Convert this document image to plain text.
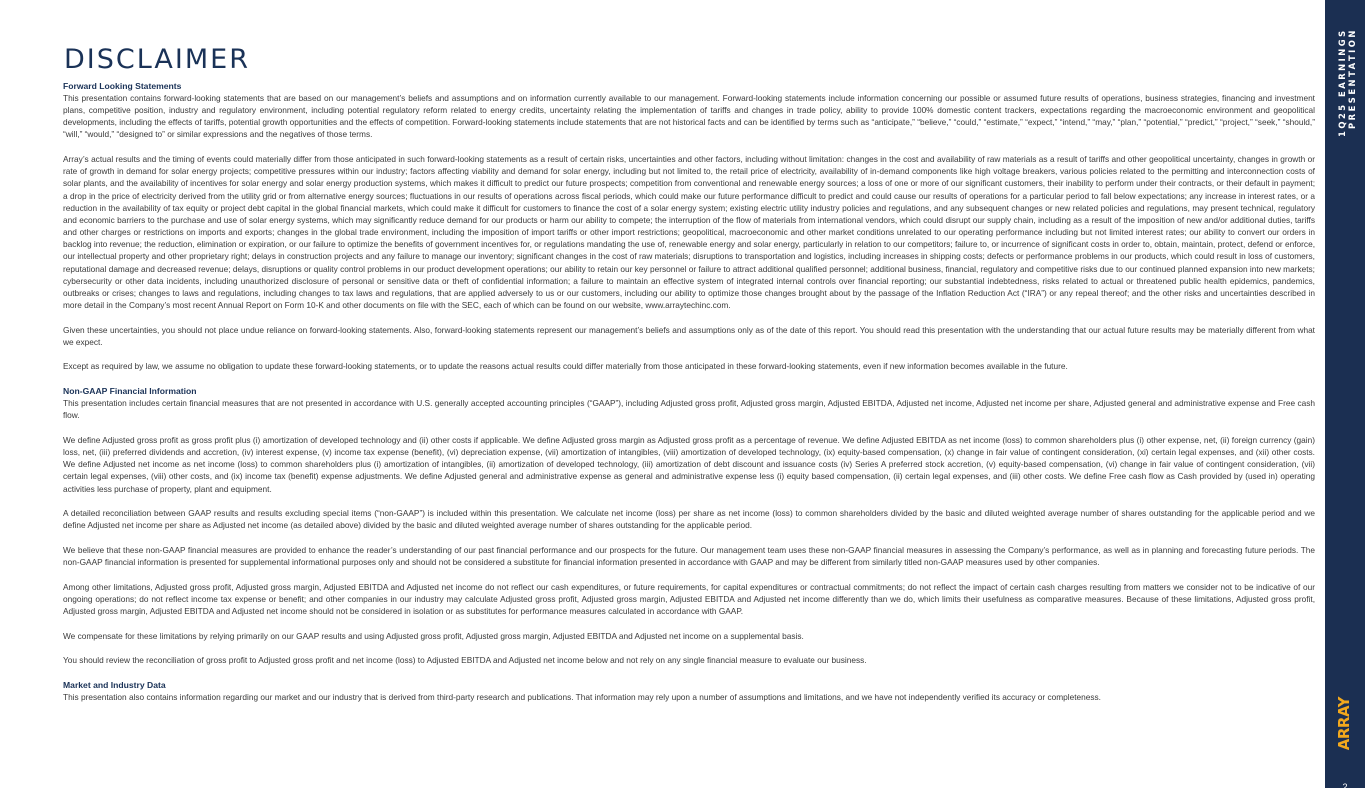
DISCLAIMER
Forward Looking Statements

This presentation contains forward-looking statements that are based on our management’s beliefs and assumptions and on information currently available to our management. Forward-looking statements include information concerning our possible or assumed future results of operations, business strategies, financing and investment plans, competitive position, industry and regulatory environment, including potential regulatory reform related to energy credits, uncertainty relating the implementation of tariffs and changes in trade policy, ability to provide 100% domestic content trackers, expectations regarding the macroeconomic environment and geopolitical developments, including the effects of tariffs, potential growth opportunities and the effects of competition. Forward-looking statements include statements that are not historical facts and can be identified by terms such as “anticipate,” “believe,” “could,” “estimate,” “expect,” “intend,” “may,” “plan,” “potential,” “predict,” “project,” “seek,” “should,” “will,” “would,” “designed to” or similar expressions and the negatives of those terms.

Array’s actual results and the timing of events could materially differ from those anticipated in such forward-looking statements as a result of certain risks, uncertainties and other factors, including without limitation: changes in the cost and availability of raw materials as a result of tariffs and other geopolitical uncertainty, changes in growth or rate of growth in demand for solar energy projects; competitive pressures within our industry; factors affecting viability and demand for solar energy, including but not limited to, the retail price of electricity, availability of in-demand components like high voltage breakers, various policies related to the permitting and interconnection costs of solar plants, and the availability of incentives for solar energy and solar energy production systems, which makes it difficult to predict our future prospects; competition from conventional and renewable energy sources; a loss of one or more of our significant customers, their inability to perform under their contracts, or their default in payment; a drop in the price of electricity derived from the utility grid or from alternative energy sources; fluctuations in our results of operations across fiscal periods, which could make our future performance difficult to predict and could cause our results of operations for a particular period to fall below expectations; any increase in interest rates, or a reduction in the availability of tax equity or project debt capital in the global financial markets, which could make it difficult for customers to finance the cost of a solar energy system; existing electric utility industry policies and regulations, and any subsequent changes or new related policies and regulations, may present technical, regulatory and economic barriers to the purchase and use of solar energy systems, which may significantly reduce demand for our products or harm our ability to compete; the interruption of the flow of materials from international vendors, which could disrupt our supply chain, including as a result of the imposition of new and/or additional duties, tariffs and other charges or restrictions on imports and exports; changes in the global trade environment, including the imposition of import tariffs or other import restrictions; geopolitical, macroeconomic and other market conditions unrelated to our operating performance including but not limited interest rates; our ability to convert our orders in backlog into revenue; the reduction, elimination or expiration, or our failure to optimize the benefits of government incentives for, or regulations mandating the use of, renewable energy and solar energy, particularly in relation to our competitors; failure to, or incurrence of significant costs in order to, obtain, maintain, protect, defend or enforce, our intellectual property and other proprietary right; delays in construction projects and any failure to manage our inventory; significant changes in the cost of raw materials; disruptions to transportation and logistics, including increases in shipping costs; defects or performance problems in our products, which could result in loss of customers, reputational damage and decreased revenue; delays, disruptions or quality control problems in our product development operations; our ability to retain our key personnel or failure to attract additional qualified personnel; additional business, financial, regulatory and competitive risks due to our continued planned expansion into new markets; cybersecurity or other data incidents, including unauthorized disclosure of personal or sensitive data or theft of confidential information; a failure to maintain an effective system of integrated internal controls over financial reporting; our substantial indebtedness, risks related to actual or threatened public health epidemics, pandemics, outbreaks or crises; changes to laws and regulations, including changes to tax laws and regulations, that are applied adversely to us or our customers, including our ability to optimize those changes brought about by the passage of the Inflation Reduction Act (“IRA”) or any repeal thereof; and the other risks and uncertainties described in more detail in the Company’s most recent Annual Report on Form 10-K and other documents on file with the SEC, each of which can be found on our website, www.arraytechinc.com.

Given these uncertainties, you should not place undue reliance on forward-looking statements. Also, forward-looking statements represent our management’s beliefs and assumptions only as of the date of this report. You should read this presentation with the understanding that our actual future results may be materially different from what we expect.

Except as required by law, we assume no obligation to update these forward-looking statements, or to update the reasons actual results could differ materially from those anticipated in these forward-looking statements, even if new information becomes available in the future.

Non-GAAP Financial Information

This presentation includes certain financial measures that are not presented in accordance with U.S. generally accepted accounting principles (“GAAP”), including Adjusted gross profit, Adjusted gross margin, Adjusted EBITDA, Adjusted net income, Adjusted net income per share, Adjusted general and administrative expense and Free cash flow.

We define Adjusted gross profit as gross profit plus (i) amortization of developed technology and (ii) other costs if applicable. We define Adjusted gross margin as Adjusted gross profit as a percentage of revenue. We define Adjusted EBITDA as net income (loss) to common shareholders plus (i) other expense, net, (ii) foreign currency (gain) loss, net, (iii) preferred dividends and accretion, (iv) interest expense, (v) income tax expense (benefit), (vi) depreciation expense, (vii) amortization of intangibles, (viii) amortization of developed technology, (ix) equity-based compensation, (x) change in fair value of contingent consideration, (xi) certain legal expenses, and (xii) other costs. We define Adjusted net income as net income (loss) to common shareholders plus (i) amortization of intangibles, (ii) amortization of developed technology, (iii) amortization of debt discount and issuance costs (iv) Series A preferred stock accretion, (v) equity-based compensation, (vi) change in fair value of contingent consideration, (vii) certain legal expenses, (viii) other costs, and (ix) income tax (benefit) expense adjustments. We define Adjusted general and administrative expense as general and administrative expense less (i) equity based compensation, (ii) certain legal expenses, and (iii) other costs. We define Free cash flow as Cash provided by (used in) operating activities less purchase of property, plant and equipment.

A detailed reconciliation between GAAP results and results excluding special items (“non-GAAP”) is included within this presentation. We calculate net income (loss) per share as net income (loss) to common shareholders divided by the basic and diluted weighted average number of shares outstanding for the applicable period and we define Adjusted net income per share as Adjusted net income (as detailed above) divided by the basic and diluted weighted average number of shares outstanding for the applicable period.

We believe that these non-GAAP financial measures are provided to enhance the reader’s understanding of our past financial performance and our prospects for the future. Our management team uses these non-GAAP financial measures in assessing the Company’s performance, as well as in planning and forecasting future periods. The non-GAAP financial information is presented for supplemental informational purposes only and should not be considered a substitute for financial information presented in accordance with GAAP and may be different from similarly titled non-GAAP measures used by other companies.

Among other limitations, Adjusted gross profit, Adjusted gross margin, Adjusted EBITDA and Adjusted net income do not reflect our cash expenditures, or future requirements, for capital expenditures or contractual commitments; do not reflect the impact of certain cash charges resulting from matters we consider not to be indicative of our ongoing operations; do not reflect income tax expense or benefit; and other companies in our industry may calculate Adjusted gross profit, Adjusted gross margin, Adjusted EBITDA and Adjusted net income differently than we do, which limits their usefulness as comparative measures. Because of these limitations, Adjusted gross profit, Adjusted gross margin, Adjusted EBITDA and Adjusted net income should not be considered in isolation or as substitutes for performance measures calculated in accordance with GAAP.

We compensate for these limitations by relying primarily on our GAAP results and using Adjusted gross profit, Adjusted gross margin, Adjusted EBITDA and Adjusted net income on a supplemental basis.

You should review the reconciliation of gross profit to Adjusted gross profit and net income (loss) to Adjusted EBITDA and Adjusted net income below and not rely on any single financial measure to evaluate our business.

Market and Industry Data

This presentation also contains information regarding our market and our industry that is derived from third-party research and publications. That information may rely upon a number of assumptions and limitations, and we have not independently verified its accuracy or completeness.

1Q25 EARNINGS PRESENTATION
ARRAY
2
